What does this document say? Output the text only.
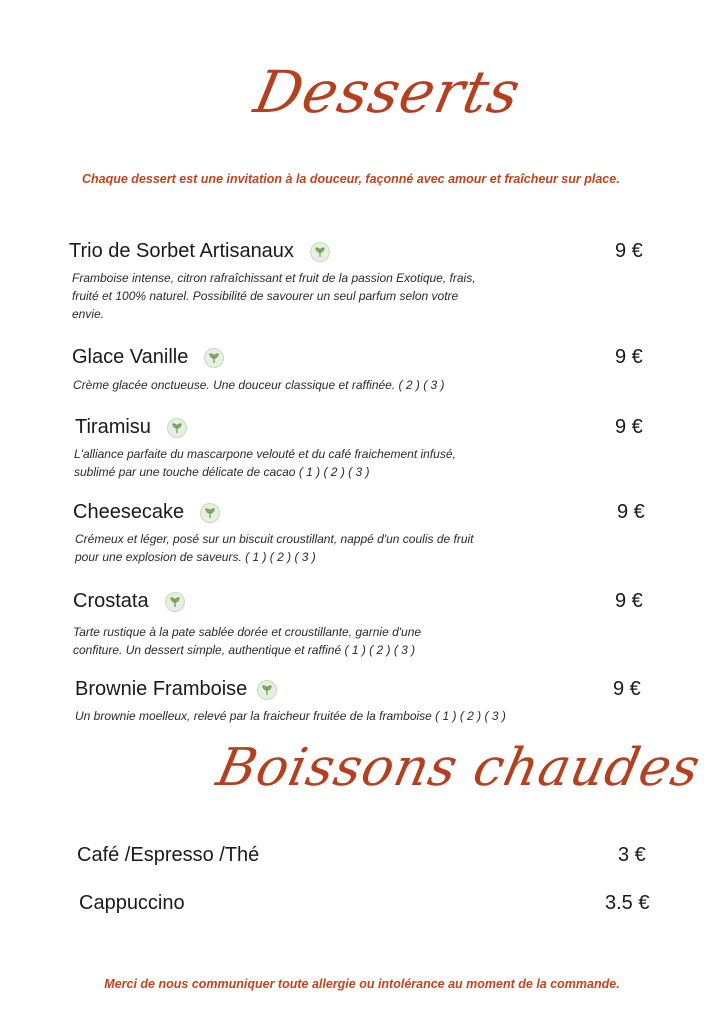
Desserts
Chaque dessert est une invitation à la douceur, façonné avec amour et fraîcheur sur place.
Trio de Sorbet Artisanaux	9 €
Framboise intense, citron rafraîchissant et fruit de la passion Exotique, frais, fruité et 100% naturel. Possibilité de savourer un seul parfum selon votre envie.
Glace Vanille	9 €
Crème glacée onctueuse. Une douceur classique et raffinée. ( 2 ) ( 3 )
Tiramisu	9 €
L'alliance parfaite du mascarpone velouté et du café fraichement infusé, sublimé par une touche délicate de cacao ( 1 ) ( 2 ) ( 3 )
Cheesecake	9 €
Crémeux et léger, posé sur un biscuit croustillant, nappé d'un coulis de fruit pour une explosion de saveurs. ( 1 ) ( 2 ) ( 3 )
Crostata	9 €
Tarte rustique à la pate sablée dorée et croustillante, garnie d'une confiture. Un dessert simple, authentique et raffiné ( 1 ) ( 2 ) ( 3 )
Brownie Framboise	9 €
Un brownie moelleux, relevé par la fraicheur fruitée de la framboise ( 1 ) ( 2 ) ( 3 )
Boissons chaudes
Café /Espresso /Thé	3 €
Cappuccino	3.5 €
Merci de nous communiquer toute allergie ou intolérance au moment de la commande.
